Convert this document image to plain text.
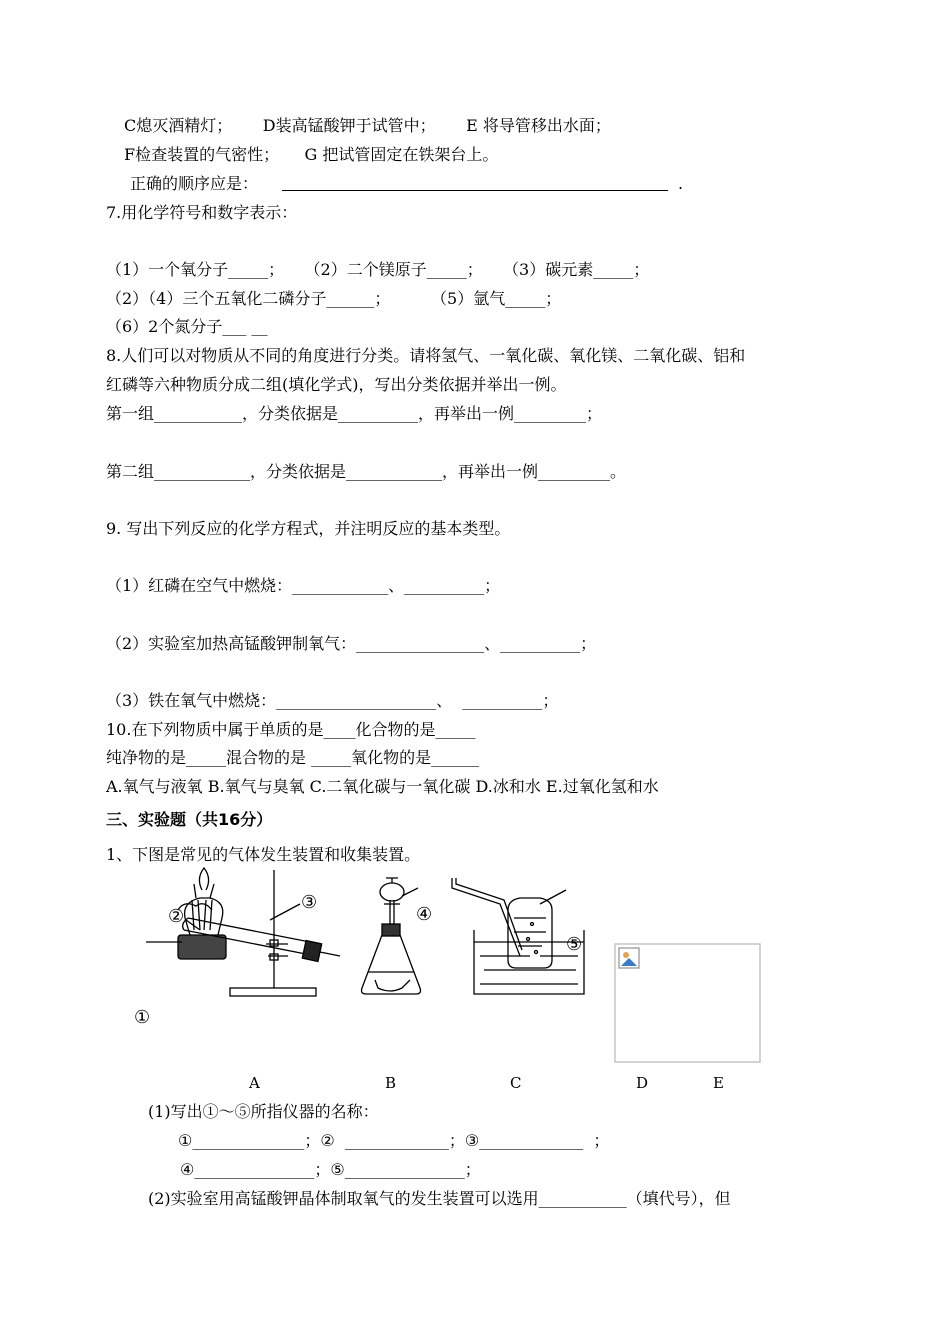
C熄灭酒精灯；      D装高锰酸钾于试管中；      E 将导管移出水面；
F检查装置的气密性；     G 把试管固定在铁架台上。
正确的顺序应是：	.
7.用化学符号和数字表示：
（1）一个氧分子_____；    （2）二个镁原子_____；    （3）碳元素_____；
（2）（4）三个五氧化二磷分子______；        （5）氩气_____；
（6）2个氮分子___ __
8.人们可以对物质从不同的角度进行分类。请将氢气、一氧化碳、氧化镁、二氧化碳、铝和
红磷等六种物质分成二组(填化学式)，写出分类依据并举出一例。
第一组___________，分类依据是__________，再举出一例_________；
第二组____________，分类依据是____________，再举出一例_________。
9. 写出下列反应的化学方程式，并注明反应的基本类型。
（1）红磷在空气中燃烧：____________、__________；
（2）实验室加热高锰酸钾制氧气：________________、__________；
（3）铁在氧气中燃烧：____________________、  __________；
10.在下列物质中属于单质的是____化合物的是_____
纯净物的是_____混合物的是 _____氧化物的是______
A.氧气与液氧 B.氧气与臭氧 C.二氧化碳与一氧化碳 D.冰和水 E.过氧化氢和水
三、实验题（共16分）
1、下图是常见的气体发生装置和收集装置。
①
②
③
④
⑤
A	B	C	D	E
(1)写出①～⑤所指仪器的名称：
①______________；②  _____________；③_____________  ；
④_______________；⑤_______________；
(2)实验室用高锰酸钾晶体制取氧气的发生装置可以选用___________（填代号），但
